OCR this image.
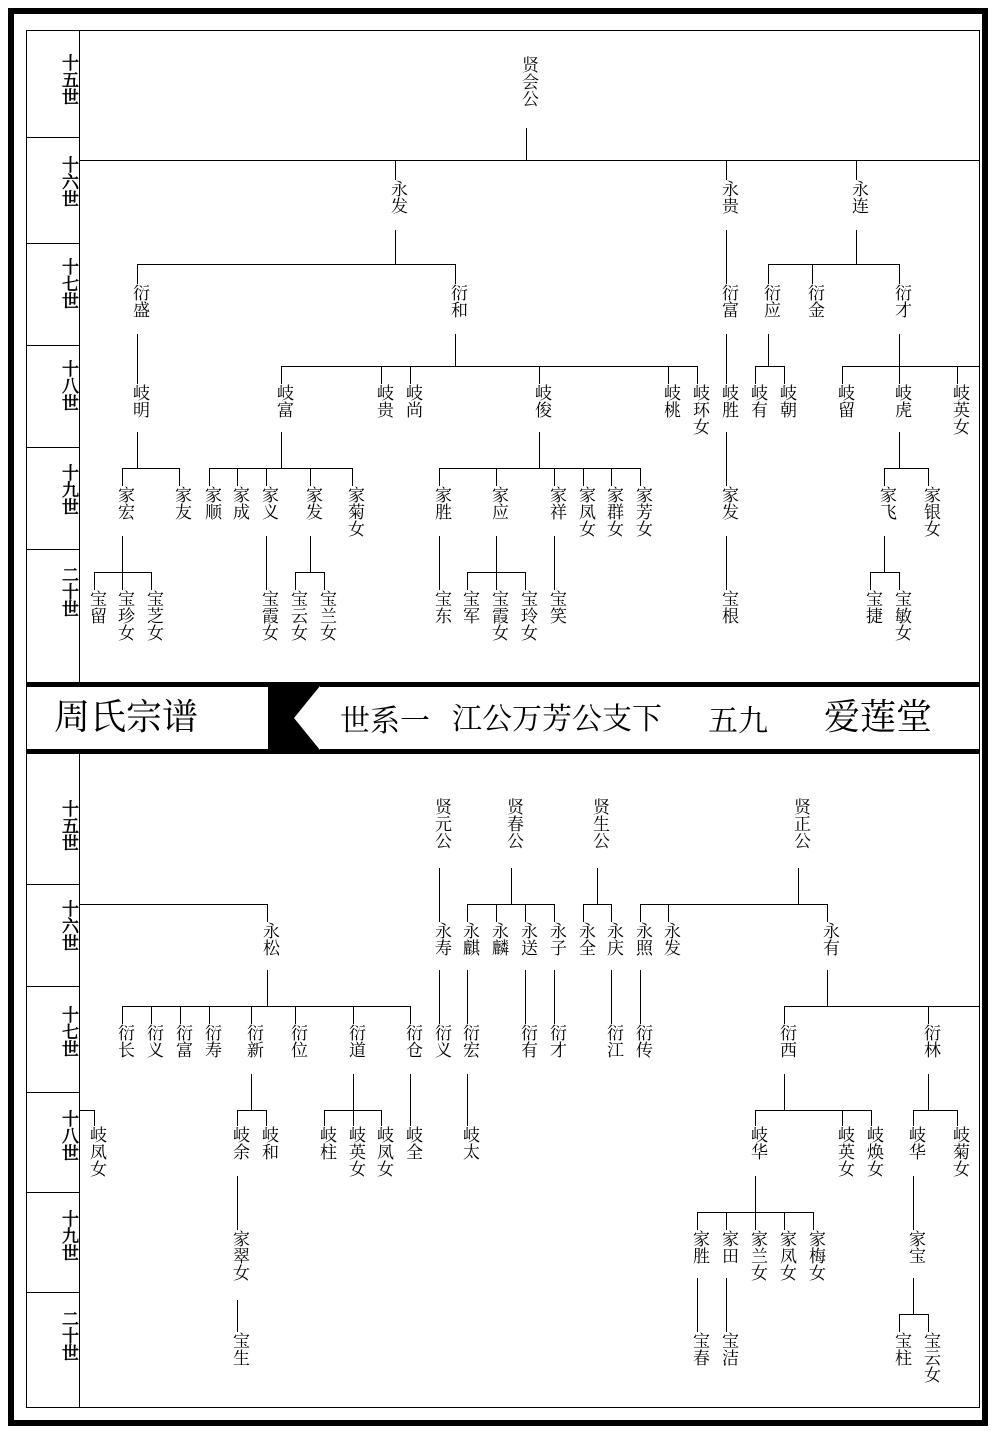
十五世
十六世
十七世
十八世
十九世
二十世
十五世
十六世
十七世
十八世
十九世
二十世
周氏宗谱	世系一 江公万芳公支下 五九 爱莲堂
贤会公
永发	永贵	永连
衍盛	衍和	衍富 衍应 衍金	衍才
岐明	岐富	岐贵 岐尚	岐俊	岐桃 岐环女 岐胜 岐有 岐朝 岐留 岐虎 岐英女
家宏 家友 家顺 家成 家义 家发 家菊女	家胜 家应 家祥 家凤女 家群女 家芳女	家发	家飞 家银女
宝留 宝珍女 宝芝女	宝霞女 宝云女 宝兰女	宝东 宝军 宝霞女 宝玲女 宝笑	宝根	宝捷 宝敏女
贤元公	贤春公	贤生公	贤正公
永松	永寿 永麒 永麟 永送 永子 永全 永庆 永照 永发	永有
衍长 衍义 衍富 衍寿 衍新 衍位 衍道 衍仓 衍义 衍宏 衍有 衍才 衍江 衍传	衍西	衍林
岐凤女	岐余 岐和 岐柱 岐英女 岐凤女 岐全 岐太	岐华	岐英女 岐焕女 岐华 岐菊女
家翠女	家胜 家田 家兰女 家凤女 家梅女	家宝
宝生	宝春 宝洁	宝柱 宝云女
